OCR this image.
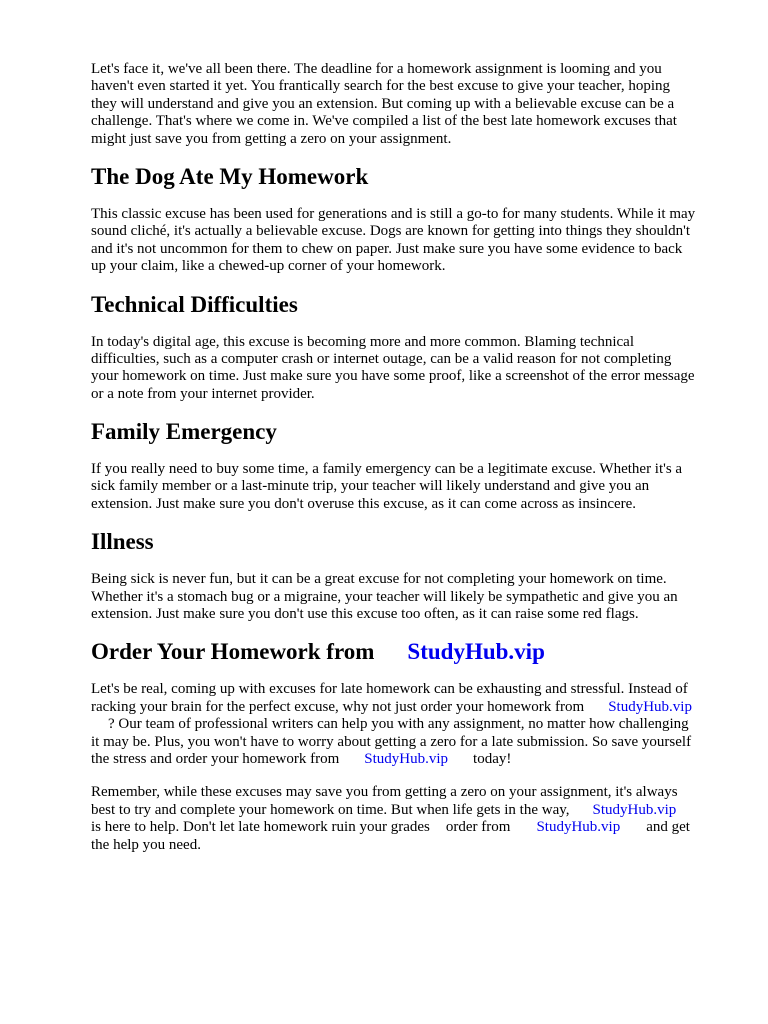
Let's face it, we've all been there. The deadline for a homework assignment is looming and you
haven't even started it yet. You frantically search for the best excuse to give your teacher, hoping
they will understand and give you an extension. But coming up with a believable excuse can be a
challenge. That's where we come in. We've compiled a list of the best late homework excuses that
might just save you from getting a zero on your assignment.
The Dog Ate My Homework
This classic excuse has been used for generations and is still a go-to for many students. While it may
sound cliché, it's actually a believable excuse. Dogs are known for getting into things they shouldn't
and it's not uncommon for them to chew on paper. Just make sure you have some evidence to back
up your claim, like a chewed-up corner of your homework.
Technical Difficulties
In today's digital age, this excuse is becoming more and more common. Blaming technical
difficulties, such as a computer crash or internet outage, can be a valid reason for not completing
your homework on time. Just make sure you have some proof, like a screenshot of the error message
or a note from your internet provider.
Family Emergency
If you really need to buy some time, a family emergency can be a legitimate excuse. Whether it's a
sick family member or a last-minute trip, your teacher will likely understand and give you an
extension. Just make sure you don't overuse this excuse, as it can come across as insincere.
Illness
Being sick is never fun, but it can be a great excuse for not completing your homework on time.
Whether it's a stomach bug or a migraine, your teacher will likely be sympathetic and give you an
extension. Just make sure you don't use this excuse too often, as it can raise some red flags.
Order Your Homework from StudyHub.vip
Let's be real, coming up with excuses for late homework can be exhausting and stressful. Instead of
racking your brain for the perfect excuse, why not just order your homework from StudyHub.vip
? Our team of professional writers can help you with any assignment, no matter how challenging
it may be. Plus, you won't have to worry about getting a zero for a late submission. So save yourself
the stress and order your homework from StudyHub.vip today!
Remember, while these excuses may save you from getting a zero on your assignment, it's always
best to try and complete your homework on time. But when life gets in the way, StudyHub.vip
is here to help. Don't let late homework ruin your grades order from StudyHub.vip and get
the help you need.
